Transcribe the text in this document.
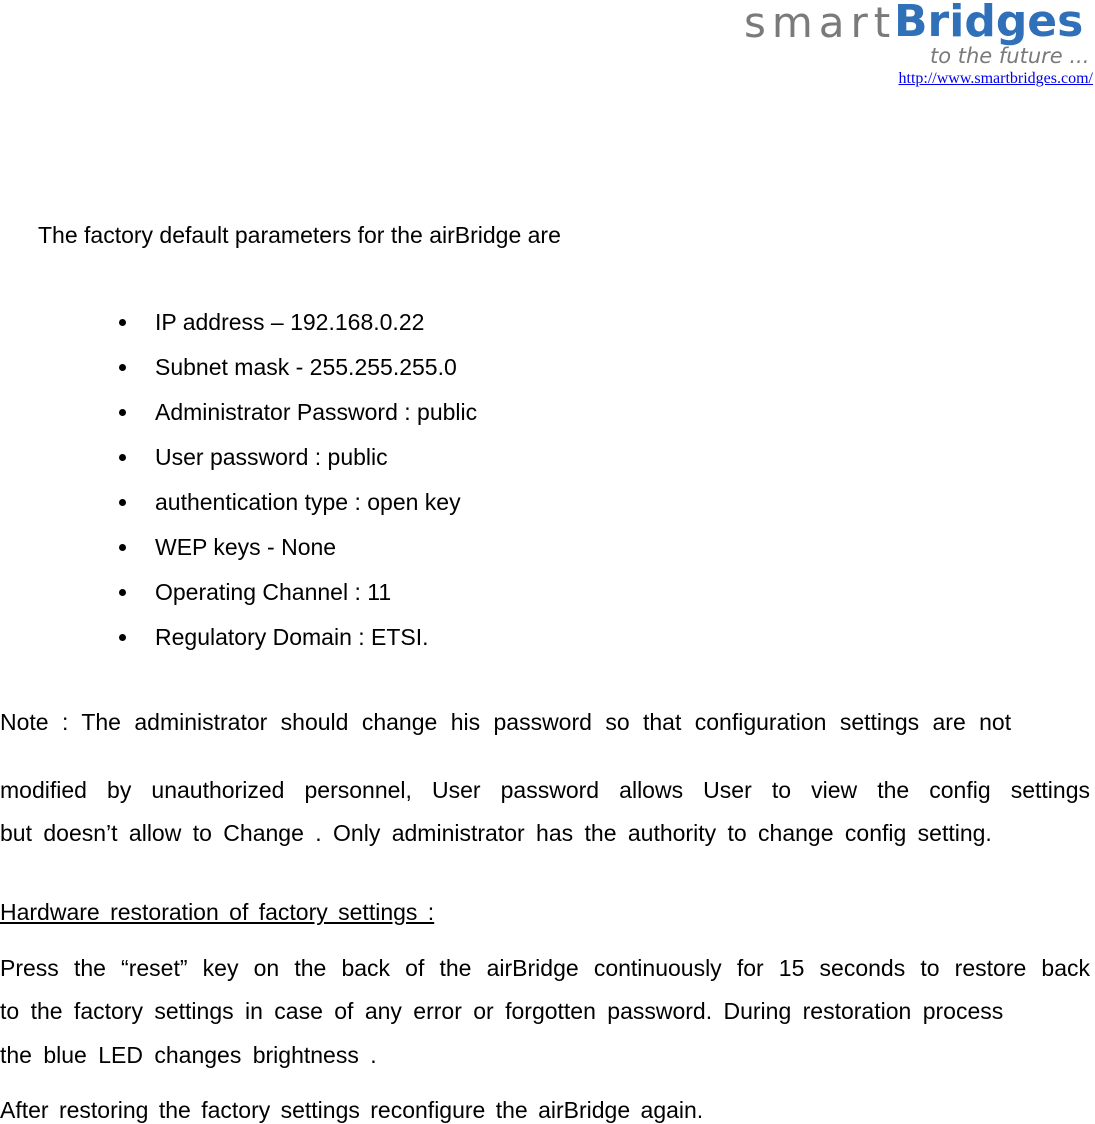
smart
Bridges
to the future ...
http://www.smartbridges.com/
The factory default parameters for the airBridge are
IP address – 192.168.0.22
Subnet mask - 255.255.255.0
Administrator Password : public
User password : public
authentication type : open key
WEP keys - None
Operating Channel : 11
Regulatory Domain : ETSI.
Note : The administrator should change his password so that configuration settings are not
modified by unauthorized personnel, User password allows User to view the config settings
but doesn’t allow to Change . Only administrator has the authority to change config setting.
Hardware restoration of factory settings :
Press the “reset” key on the back of the airBridge continuously for 15 seconds to restore back
to the factory settings in case of any error or forgotten password. During restoration process
the blue LED changes brightness .
After restoring the factory settings reconfigure the airBridge again.
